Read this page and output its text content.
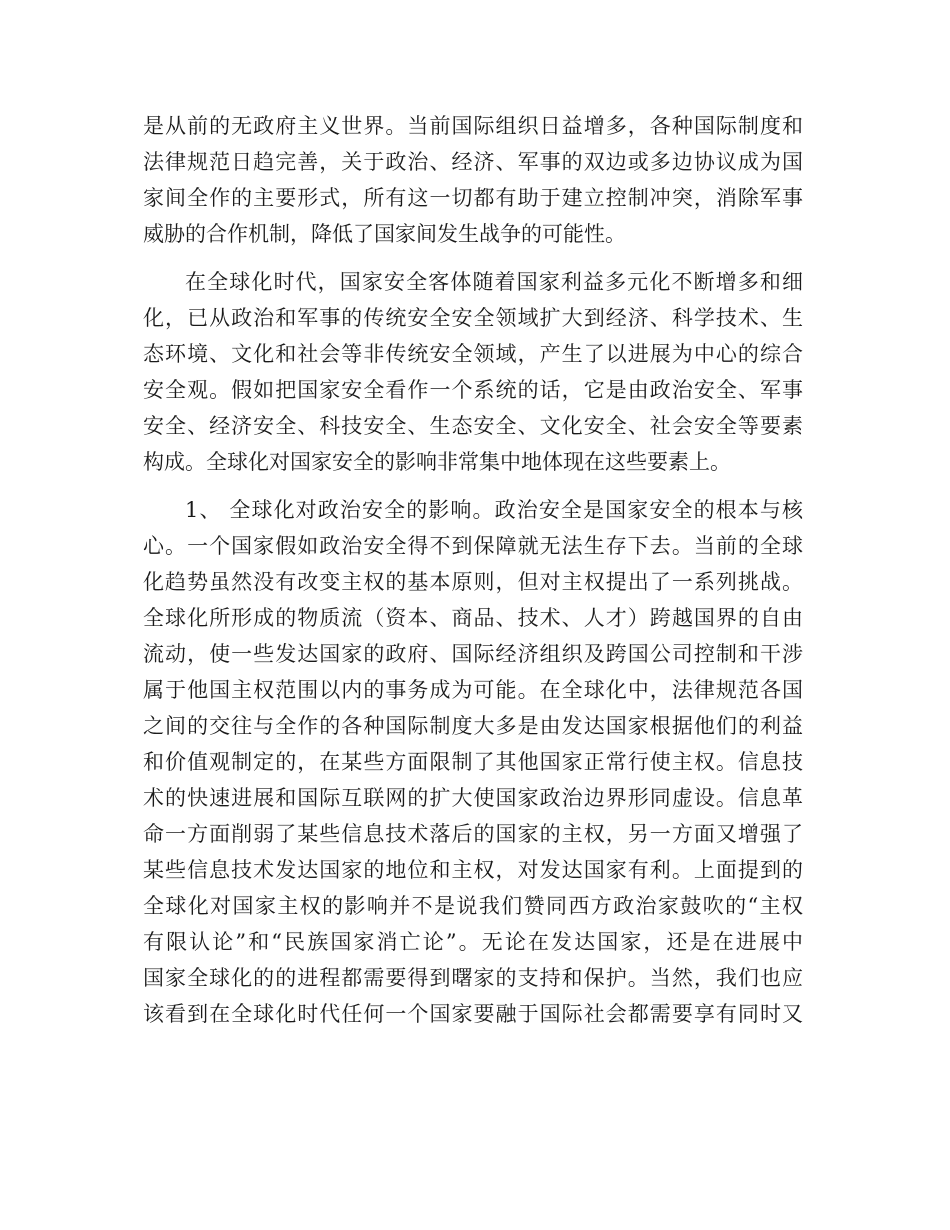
是从前的无政府主义世界。当前国际组织日益增多，各种国际制度和
法律规范日趋完善，关于政治、经济、军事的双边或多边协议成为国
家间全作的主要形式，所有这一切都有助于建立控制冲突，消除军事
威胁的合作机制，降低了国家间发生战争的可能性。
在全球化时代，国家安全客体随着国家利益多元化不断增多和细
化，已从政治和军事的传统安全安全领域扩大到经济、科学技术、生
态环境、文化和社会等非传统安全领域，产生了以进展为中心的综合
安全观。假如把国家安全看作一个系统的话，它是由政治安全、军事
安全、经济安全、科技安全、生态安全、文化安全、社会安全等要素
构成。全球化对国家安全的影响非常集中地体现在这些要素上。
1、 全球化对政治安全的影响。政治安全是国家安全的根本与核
心。一个国家假如政治安全得不到保障就无法生存下去。当前的全球
化趋势虽然没有改变主权的基本原则，但对主权提出了一系列挑战。
全球化所形成的物质流（资本、商品、技术、人才）跨越国界的自由
流动，使一些发达国家的政府、国际经济组织及跨国公司控制和干涉
属于他国主权范围以内的事务成为可能。在全球化中，法律规范各国
之间的交往与全作的各种国际制度大多是由发达国家根据他们的利益
和价值观制定的，在某些方面限制了其他国家正常行使主权。信息技
术的快速进展和国际互联网的扩大使国家政治边界形同虚设。信息革
命一方面削弱了某些信息技术落后的国家的主权，另一方面又增强了
某些信息技术发达国家的地位和主权，对发达国家有利。上面提到的
全球化对国家主权的影响并不是说我们赞同西方政治家鼓吹的“主权
有限认论”和“民族国家消亡论”。无论在发达国家，还是在进展中
国家全球化的的进程都需要得到曙家的支持和保护。当然，我们也应
该看到在全球化时代任何一个国家要融于国际社会都需要享有同时又
